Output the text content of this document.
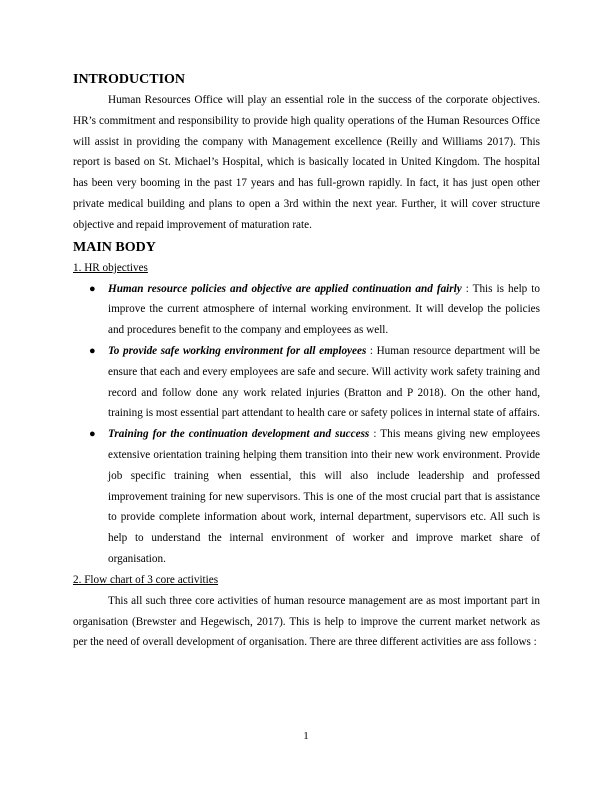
INTRODUCTION

Human Resources Office will play an essential role in the success of the corporate objectives. HR’s commitment and responsibility to provide high quality operations of the Human Resources Office will assist in providing the company with Management excellence (Reilly and Williams 2017). This report is based on St. Michael’s Hospital, which is basically located in United Kingdom. The hospital has been very booming in the past 17 years and has full-grown rapidly. In fact, it has just open other private medical building and plans to open a 3rd within the next year. Further, it will cover structure objective and repaid improvement of maturation rate.

MAIN BODY

1. HR objectives

● Human resource policies and objective are applied continuation and fairly : This is help to improve the current atmosphere of internal working environment. It will develop the policies and procedures benefit to the company and employees as well.
● To provide safe working environment for all employees : Human resource department will be ensure that each and every employees are safe and secure. Will activity work safety training and record and follow done any work related injuries (Bratton and P 2018). On the other hand, training is most essential part attendant to health care or safety polices in internal state of affairs.
● Training for the continuation development and success : This means giving new employees extensive orientation training helping them transition into their new work environment. Provide job specific training when essential, this will also include leadership and professed improvement training for new supervisors. This is one of the most crucial part that is assistance to provide complete information about work, internal department, supervisors etc. All such is help to understand the internal environment of worker and improve market share of organisation.

2. Flow chart of 3 core activities

This all such three core activities of human resource management are as most important part in organisation (Brewster and Hegewisch, 2017). This is help to improve the current market network as per the need of overall development of organisation. There are three different activities are ass follows :

1
